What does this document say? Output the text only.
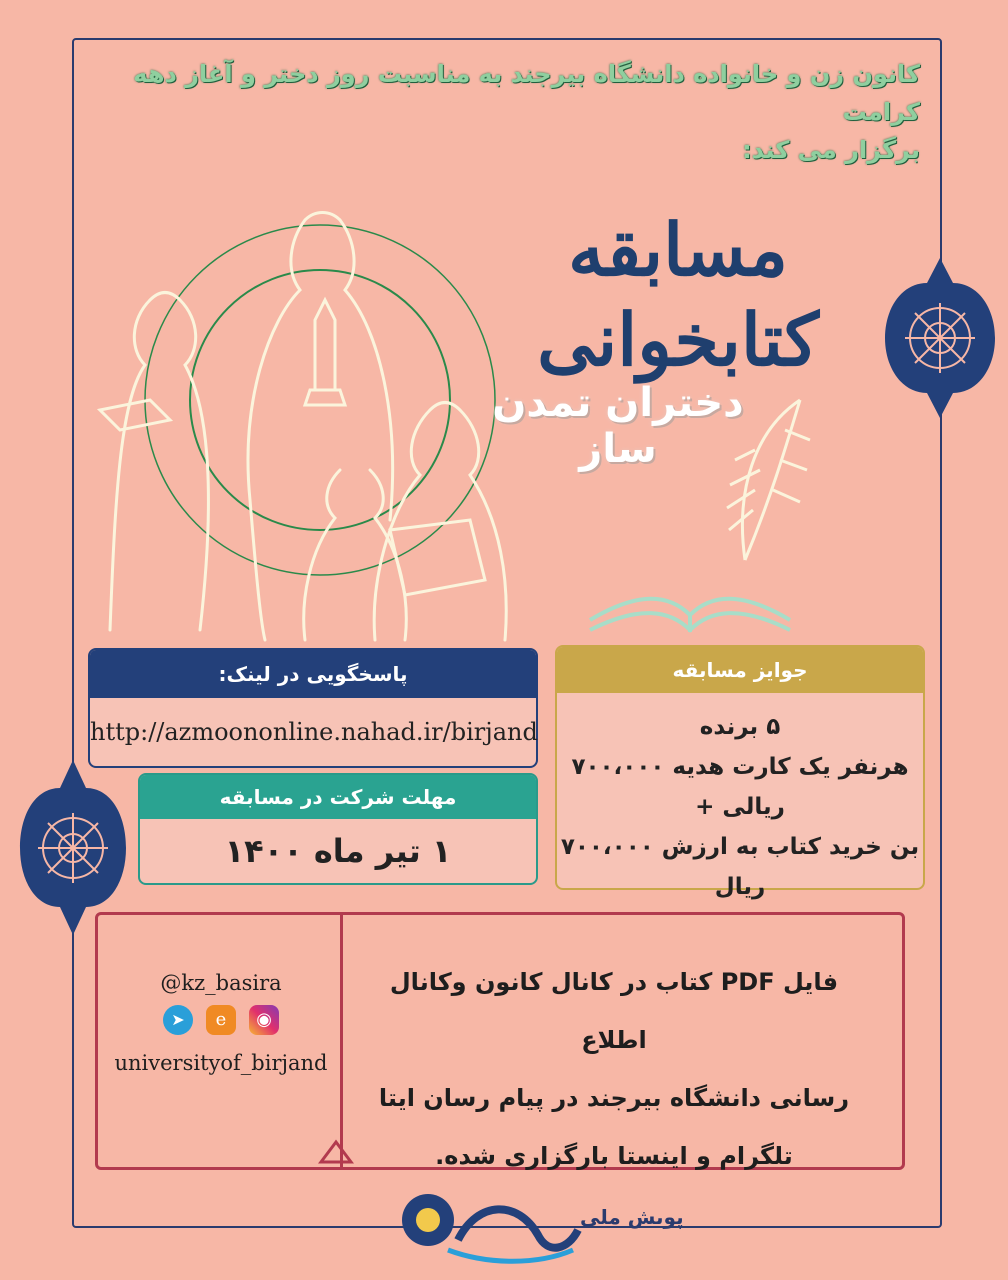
کانون زن و خانواده دانشگاه بیرجند به مناسبت روز دختر و آغاز دهه کرامت
برگزار می کند:
مسابقه کتابخوانی
دختران تمدن ساز
پاسخگویی در لینک:
http://azmoononline.nahad.ir/birjand
مهلت شرکت در مسابقه
۱ تیر ماه ۱۴۰۰
جوایز مسابقه
۵ برنده
هرنفر یک کارت هدیه ۷۰۰،۰۰۰ ریالی +
بن خرید کتاب به ارزش ۷۰۰،۰۰۰ ریال
فایل PDF کتاب در کانال کانون وکانال اطلاع
رسانی دانشگاه بیرجند در پیام رسان ایتا
تلگرام و اینستا بارگزاری شده.
@kz_basira
➤ e ◉
universityof_birjand
پویش ملی
